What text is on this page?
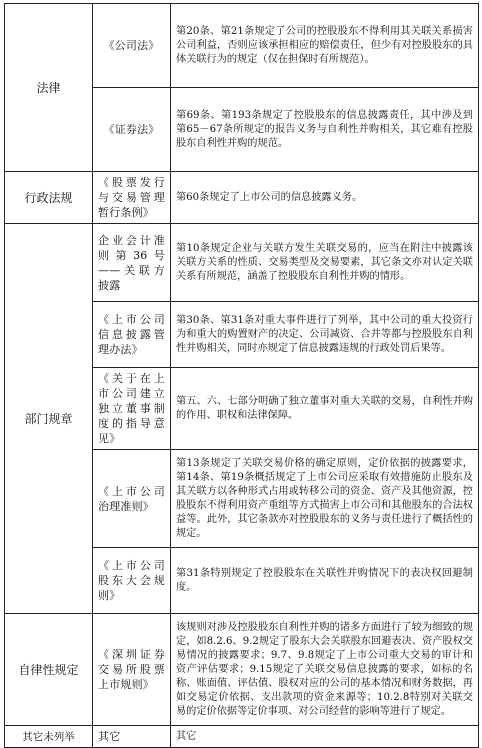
˙
法律	《公司法》	第20条、第21条规定了公司的控股股东不得利用其关联关系损害公司利益，否则应该承担相应的赔偿责任，但少有对控股股东的具体关联行为的规定（仅在担保时有所规范）。
	《证券法》	第69条、第193条规定了控股股东的信息披露责任，其中涉及到第65－67条所规定的报告义务与自利性并购相关，其它难有控股股东自利性并购的规范。
行政法规	《股票发行与交易管理暂行条例》	第60条规定了上市公司的信息披露义务。
部门规章	企业会计准则第36号——关联方披露	第10条规定企业与关联方发生关联交易的，应当在附注中披露该关联方关系的性质、交易类型及交易要素，其它条文亦对认定关联关系有所规范，涵盖了控股股东自利性并购的情形。
	《上市公司信息披露管理办法》	第30条、第31条对重大事件进行了列举，其中公司的重大投资行为和重大的购置财产的决定、公司减资、合并等都与控股股东自利性并购相关，同时亦规定了信息披露违规的行政处罚后果等。
	《关于在上市公司建立独立董事制度的指导意见》	第五、六、七部分明确了独立董事对重大关联的交易，自利性并购的作用、职权和法律保障。
	《上市公司治理准则》	第13条规定了关联交易价格的确定原则，定价依据的披露要求，第14条、第19条概括规定了上市公司应采取有效措施防止股东及其关联方以各种形式占用或转移公司的资金、资产及其他资源，控股股东不得利用资产重组等方式损害上市公司和其他股东的合法权益等。此外，其它条款亦对控股股东的义务与责任进行了概括性的规定。
	《上市公司股东大会规则》	第31条特别规定了控股股东在关联性并购情况下的表决权回避制度。
自律性规定	《深圳证券交易所股票上市规则》	该规则对涉及控股股东自利性并购的诸多方面进行了较为细致的规定，如8.2.6、9.2规定了股东大会关联股东回避表决、资产股权交易情况的披露要求；9.7、9.8规定了上市公司重大交易的审计和资产评估要求；9.15规定了关联交易信息披露的要求，如标的名称、账面值、评估值、股权对应的公司的基本情况和财务数据，再如交易定价依据、支出款项的资金来源等；10.2.8特别对关联交易的定价依据等定价事项、对公司经营的影响等进行了规定。
其它未列举	其它	其它
